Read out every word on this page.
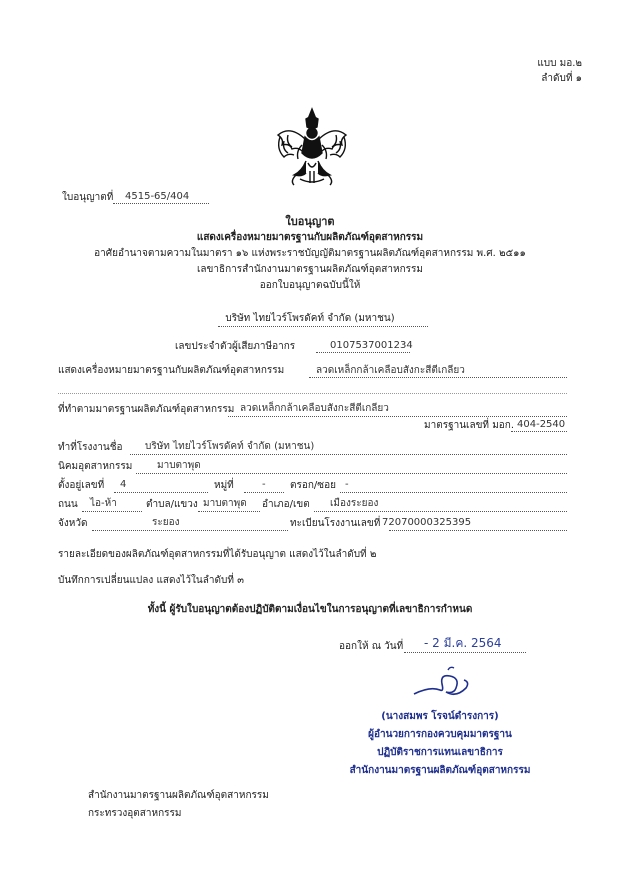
แบบ มอ.๒
ลำดับที่ ๑
ใบอนุญาตที่ 4515-65/404
ใบอนุญาต
แสดงเครื่องหมายมาตรฐานกับผลิตภัณฑ์อุตสาหกรรม
อาศัยอำนาจตามความในมาตรา ๑๖ แห่งพระราชบัญญัติมาตรฐานผลิตภัณฑ์อุตสาหกรรม พ.ศ. ๒๕๑๑
เลขาธิการสำนักงานมาตรฐานผลิตภัณฑ์อุตสาหกรรม
ออกใบอนุญาตฉบับนี้ให้
บริษัท ไทยไวร์โพรดัคท์ จำกัด (มหาชน)
เลขประจำตัวผู้เสียภาษีอากร	0107537001234
แสดงเครื่องหมายมาตรฐานกับผลิตภัณฑ์อุตสาหกรรม	ลวดเหล็กกล้าเคลือบสังกะสีตีเกลียว
ที่ทำตามมาตรฐานผลิตภัณฑ์อุตสาหกรรม ลวดเหล็กกล้าเคลือบสังกะสีตีเกลียว
มาตรฐานเลขที่ มอก. 404-2540
ทำที่โรงงานชื่อ บริษัท ไทยไวร์โพรดัคท์ จำกัด (มหาชน)
นิคมอุตสาหกรรม มาบตาพุด
ตั้งอยู่เลขที่ 4	หมู่ที่	- ตรอก/ซอย -
ถนน ไอ-ห้า	ตำบล/แขวง มาบตาพุด อำเภอ/เขต เมืองระยอง
จังหวัด	ระยอง	ทะเบียนโรงงานเลขที่ 72070000325395
รายละเอียดของผลิตภัณฑ์อุตสาหกรรมที่ได้รับอนุญาต แสดงไว้ในลำดับที่ ๒
บันทึกการเปลี่ยนแปลง แสดงไว้ในลำดับที่ ๓
ทั้งนี้ ผู้รับใบอนุญาตต้องปฏิบัติตามเงื่อนไขในการอนุญาตที่เลขาธิการกำหนด
ออกให้ ณ วันที่ - 2 มี.ค. 2564
(นางสมพร โรจน์ดำรงการ)
ผู้อำนวยการกองควบคุมมาตรฐาน
ปฏิบัติราชการแทนเลขาธิการ
สำนักงานมาตรฐานผลิตภัณฑ์อุตสาหกรรม
สำนักงานมาตรฐานผลิตภัณฑ์อุตสาหกรรม
กระทรวงอุตสาหกรรม
